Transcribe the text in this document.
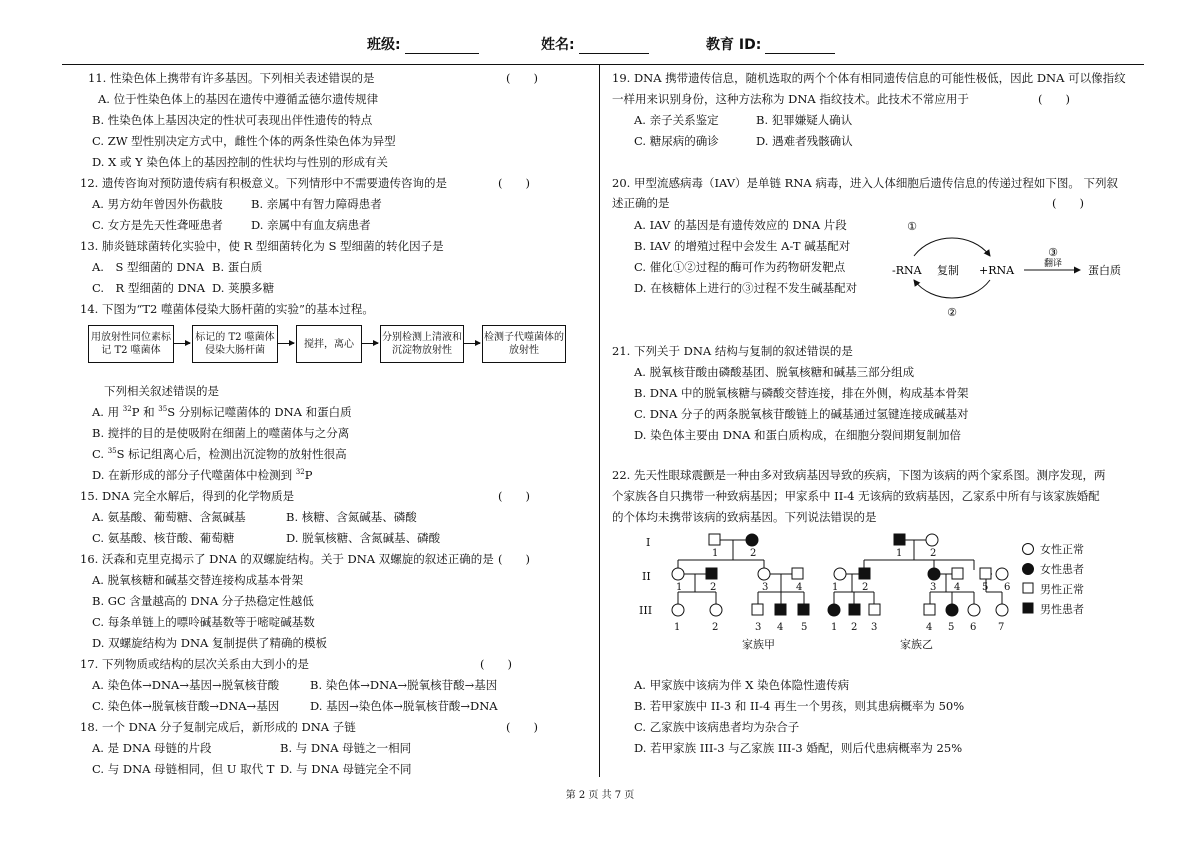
班级:	姓名:	教育 ID:
11. 性染色体上携带有许多基因。下列相关表述错误的是	(　　)
A. 位于性染色体上的基因在遗传中遵循孟德尔遗传规律
B. 性染色体上基因决定的性状可表现出伴性遗传的特点
C. ZW 型性别决定方式中，雌性个体的两条性染色体为异型
D. X 或 Y 染色体上的基因控制的性状均与性别的形成有关
12. 遗传咨询对预防遗传病有积极意义。下列情形中不需要遗传咨询的是	(　　)
A. 男方幼年曾因外伤截肢 B. 亲属中有智力障碍患者
C. 女方是先天性聋哑患者 D. 亲属中有血友病患者
13. 肺炎链球菌转化实验中，使 R 型细菌转化为 S 型细菌的转化因子是
A.　S 型细菌的 DNA B. 蛋白质
C.　R 型细菌的 DNA D. 荚膜多糖
14. 下图为“T2 噬菌体侵染大肠杆菌的实验”的基本过程。
用放射性同位素标记 T2 噬菌体
标记的 T2 噬菌体侵染大肠杆菌
搅拌，离心
分别检测上清液和沉淀物放射性
检测子代噬菌体的放射性
下列相关叙述错误的是
A. 用 $^{32}$P 和 $^{35}$S 分别标记噬菌体的 DNA 和蛋白质
B. 搅拌的目的是使吸附在细菌上的噬菌体与之分离
C. $^{35}$S 标记组离心后，检测出沉淀物的放射性很高
D. 在新形成的部分子代噬菌体中检测到 $^{32}$P
15. DNA 完全水解后，得到的化学物质是	(　　)
A. 氨基酸、葡萄糖、含氮碱基	B. 核糖、含氮碱基、磷酸
C. 氨基酸、核苷酸、葡萄糖	D. 脱氧核糖、含氮碱基、磷酸
16. 沃森和克里克揭示了 DNA 的双螺旋结构。关于 DNA 双螺旋的叙述正确的是 (　　)
A. 脱氧核糖和碱基交替连接构成基本骨架
B. GC 含量越高的 DNA 分子热稳定性越低
C. 每条单链上的嘌呤碱基数等于嘧啶碱基数
D. 双螺旋结构为 DNA 复制提供了精确的模板
17. 下列物质或结构的层次关系由大到小的是	(　　)
A. 染色体→DNA→基因→脱氧核苷酸	B. 染色体→DNA→脱氧核苷酸→基因
C. 染色体→脱氧核苷酸→DNA→基因	D. 基因→染色体→脱氧核苷酸→DNA
18. 一个 DNA 分子复制完成后，新形成的 DNA 子链	(　　)
A. 是 DNA 母链的片段	B. 与 DNA 母链之一相同
C. 与 DNA 母链相同，但 U 取代 T D. 与 DNA 母链完全不同
19. DNA 携带遗传信息，随机选取的两个个体有相同遗传信息的可能性极低，因此 DNA 可以像指纹
一样用来识别身份，这种方法称为 DNA 指纹技术。此技术不常应用于	(　　)
A. 亲子关系鉴定	B. 犯罪嫌疑人确认
C. 糖尿病的确诊	D. 遇难者残骸确认
20. 甲型流感病毒（IAV）是单链 RNA 病毒，进入人体细胞后遗传信息的传递过程如下图。 下列叙
述正确的是	(　　)
A. IAV 的基因是有遗传效应的 DNA 片段
B. IAV 的增殖过程中会发生 A-T 碱基配对
C. 催化①②过程的酶可作为药物研发靶点
D. 在核糖体上进行的③过程不发生碱基配对
①
-RNA 复制 +RNA
②
③
翻译 蛋白质
21. 下列关于 DNA 结构与复制的叙述错误的是
A. 脱氧核苷酸由磷酸基团、脱氧核糖和碱基三部分组成
B. DNA 中的脱氧核糖与磷酸交替连接，排在外侧，构成基本骨架
C. DNA 分子的两条脱氧核苷酸链上的碱基通过氢键连接成碱基对
D. 染色体主要由 DNA 和蛋白质构成，在细胞分裂间期复制加倍
22. 先天性眼球震颤是一种由多对致病基因导致的疾病，下图为该病的两个家系图。测序发现，两
个家族各自只携带一种致病基因；甲家系中 II-4 无该病的致病基因，乙家系中所有与该家族婚配
的个体均未携带该病的致病基因。下列说法错误的是
I
II
III
1	2
1	2	3	4
1	2	3 4 5
家族甲
1	2
1 2	3 4 5 6
1 2 3	4 5 6 7
家族乙
女性正常
女性患者
男性正常
男性患者
A. 甲家族中该病为伴 X 染色体隐性遗传病
B. 若甲家族中 II-3 和 II-4 再生一个男孩，则其患病概率为 50%
C. 乙家族中该病患者均为杂合子
D. 若甲家族 III-3 与乙家族 III-3 婚配，则后代患病概率为 25%
第 2 页 共 7 页
